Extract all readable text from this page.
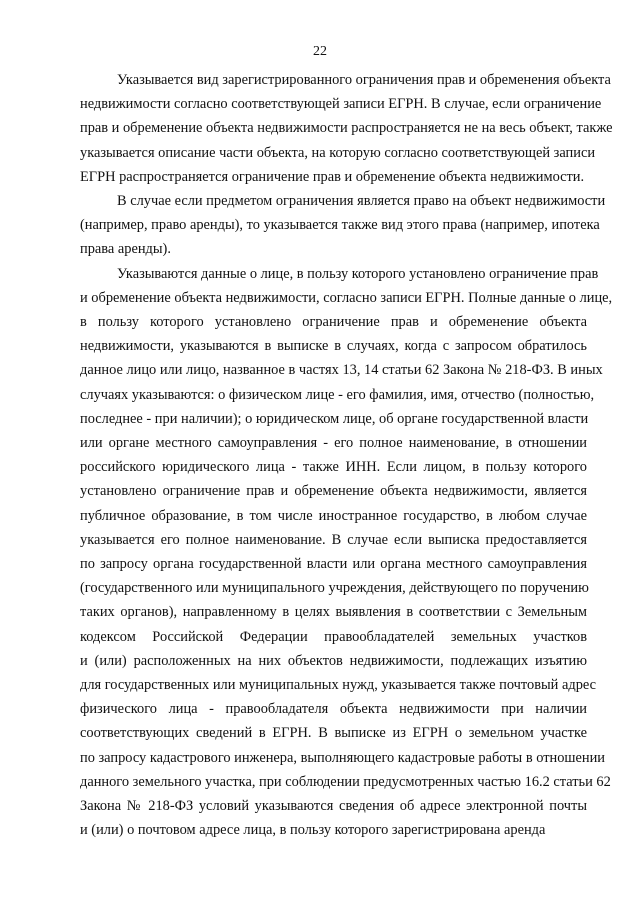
22

Указывается вид зарегистрированного ограничения прав и обременения объекта
недвижимости согласно соответствующей записи ЕГРН. В случае, если ограничение
прав и обременение объекта недвижимости распространяется не на весь объект, также
указывается описание части объекта, на которую согласно соответствующей записи
ЕГРН распространяется ограничение прав и обременение объекта недвижимости.

В случае если предметом ограничения является право на объект недвижимости
(например, право аренды), то указывается также вид этого права (например, ипотека
права аренды).

Указываются данные о лице, в пользу которого установлено ограничение прав
и обременение объекта недвижимости, согласно записи ЕГРН. Полные данные о лице,
в пользу которого установлено ограничение прав и обременение объекта
недвижимости, указываются в выписке в случаях, когда с запросом обратилось
данное лицо или лицо, названное в частях 13, 14 статьи 62 Закона № 218-ФЗ. В иных
случаях указываются: о физическом лице - его фамилия, имя, отчество (полностью,
последнее - при наличии); о юридическом лице, об органе государственной власти
или органе местного самоуправления - его полное наименование, в отношении
российского юридического лица - также ИНН. Если лицом, в пользу которого
установлено ограничение прав и обременение объекта недвижимости, является
публичное образование, в том числе иностранное государство, в любом случае
указывается его полное наименование. В случае если выписка предоставляется
по запросу органа государственной власти или органа местного самоуправления
(государственного или муниципального учреждения, действующего по поручению
таких органов), направленному в целях выявления в соответствии с Земельным
кодексом Российской Федерации правообладателей земельных участков
и (или) расположенных на них объектов недвижимости, подлежащих изъятию
для государственных или муниципальных нужд, указывается также почтовый адрес
физического лица - правообладателя объекта недвижимости при наличии
соответствующих сведений в ЕГРН. В выписке из ЕГРН о земельном участке
по запросу кадастрового инженера, выполняющего кадастровые работы в отношении
данного земельного участка, при соблюдении предусмотренных частью 16.2 статьи 62
Закона № 218-ФЗ условий указываются сведения об адресе электронной почты
и (или) о почтовом адресе лица, в пользу которого зарегистрирована аренда
